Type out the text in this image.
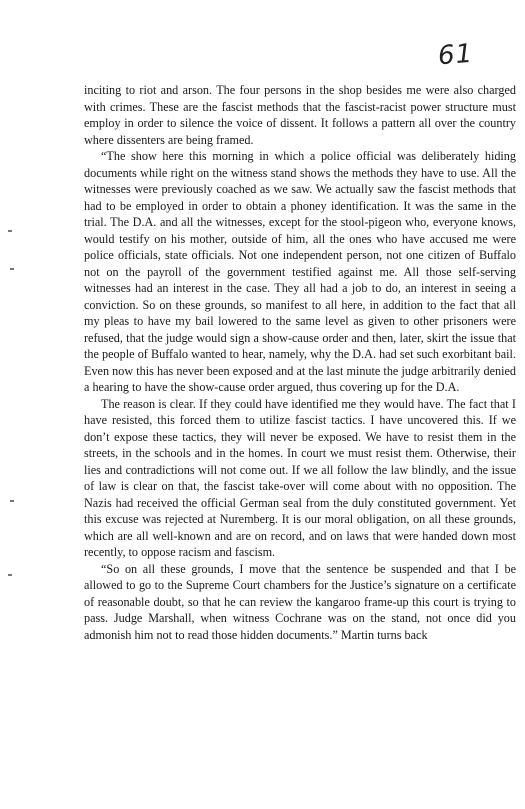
61

inciting to riot and arson. The four persons in the shop besides me were also charged with crimes. These are the fascist methods that the fascist-racist power structure must employ in order to silence the voice of dissent. It follows a pattern all over the country where dissenters are being framed.

“The show here this morning in which a police official was deliberately hiding documents while right on the witness stand shows the methods they have to use. All the witnesses were previously coached as we saw. We actually saw the fascist methods that had to be employed in order to obtain a phoney identification. It was the same in the trial. The D.A. and all the witnesses, except for the stool-pigeon who, everyone knows, would testify on his mother, outside of him, all the ones who have accused me were police officials, state officials. Not one independent person, not one citizen of Buffalo not on the payroll of the government testified against me. All those self-serving witnesses had an interest in the case. They all had a job to do, an interest in seeing a conviction. So on these grounds, so manifest to all here, in addition to the fact that all my pleas to have my bail lowered to the same level as given to other prisoners were refused, that the judge would sign a show-cause order and then, later, skirt the issue that the people of Buffalo wanted to hear, namely, why the D.A. had set such exorbitant bail. Even now this has never been exposed and at the last minute the judge arbitrarily denied a hearing to have the show-cause order argued, thus covering up for the D.A.

The reason is clear. If they could have identified me they would have. The fact that I have resisted, this forced them to utilize fascist tactics. I have uncovered this. If we don’t expose these tactics, they will never be exposed. We have to resist them in the streets, in the schools and in the homes. In court we must resist them. Otherwise, their lies and contradictions will not come out. If we all follow the law blindly, and the issue of law is clear on that, the fascist take-over will come about with no opposition. The Nazis had received the official German seal from the duly constituted government. Yet this excuse was rejected at Nuremberg. It is our moral obligation, on all these grounds, which are all well-known and are on record, and on laws that were handed down most recently, to oppose racism and fascism.

“So on all these grounds, I move that the sentence be suspended and that I be allowed to go to the Supreme Court chambers for the Justice’s signature on a certificate of reasonable doubt, so that he can review the kangaroo frame-up this court is trying to pass. Judge Marshall, when witness Cochrane was on the stand, not once did you admonish him not to read those hidden documents.” Martin turns back
